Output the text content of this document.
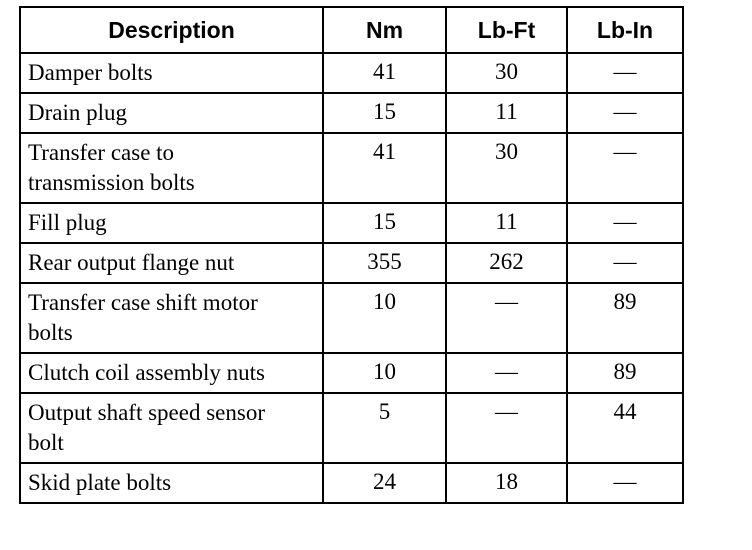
Description	Nm	Lb-Ft	Lb-In
Damper bolts	41	30	—
Drain plug	15	11	—
Transfer case to
transmission bolts	41	30	—
Fill plug	15	11	—
Rear output flange nut	355	262	—
Transfer case shift motor
bolts	10	—	89
Clutch coil assembly nuts	10	—	89
Output shaft speed sensor
bolt	5	—	44
Skid plate bolts	24	18	—
